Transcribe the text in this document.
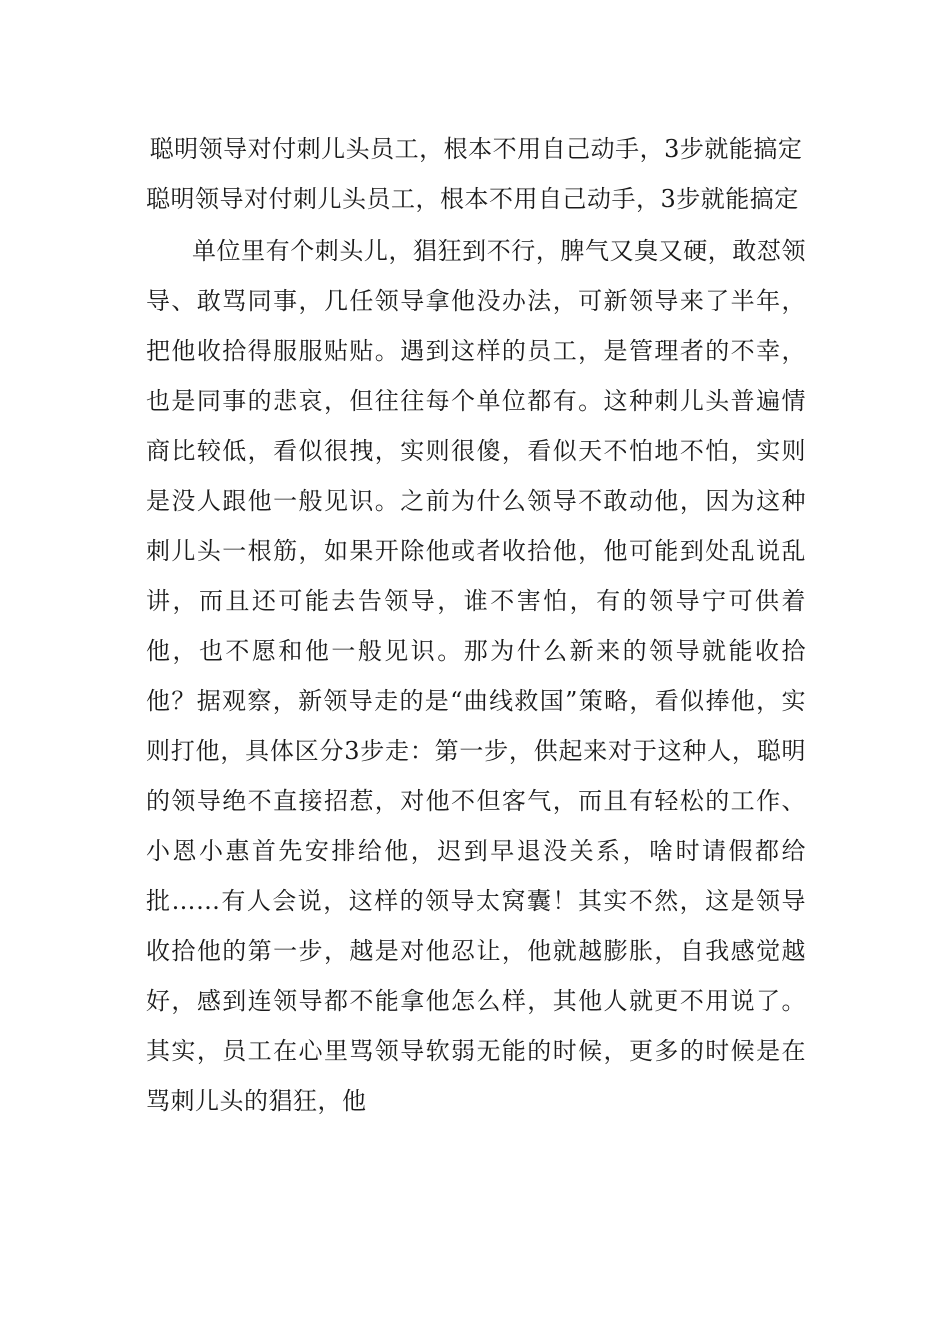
聪明领导对付刺儿头员工，根本不用自己动手，3步就能搞定
聪明领导对付刺儿头员工，根本不用自己动手，3步就能搞定

单位里有个刺头儿，猖狂到不行，脾气又臭又硬，敢怼领导、敢骂同事，几任领导拿他没办法，可新领导来了半年，把他收拾得服服贴贴。遇到这样的员工，是管理者的不幸，也是同事的悲哀，但往往每个单位都有。这种刺儿头普遍情商比较低，看似很拽，实则很傻，看似天不怕地不怕，实则是没人跟他一般见识。之前为什么领导不敢动他，因为这种刺儿头一根筋，如果开除他或者收拾他，他可能到处乱说乱讲，而且还可能去告领导，谁不害怕，有的领导宁可供着他，也不愿和他一般见识。那为什么新来的领导就能收拾他？据观察，新领导走的是“曲线救国”策略，看似捧他，实则打他，具体区分3步走：第一步，供起来对于这种人，聪明的领导绝不直接招惹，对他不但客气，而且有轻松的工作、小恩小惠首先安排给他，迟到早退没关系，啥时请假都给批……有人会说，这样的领导太窝囊！其实不然，这是领导收拾他的第一步，越是对他忍让，他就越膨胀，自我感觉越好，感到连领导都不能拿他怎么样，其他人就更不用说了。其实，员工在心里骂领导软弱无能的时候，更多的时候是在骂刺儿头的猖狂，他
